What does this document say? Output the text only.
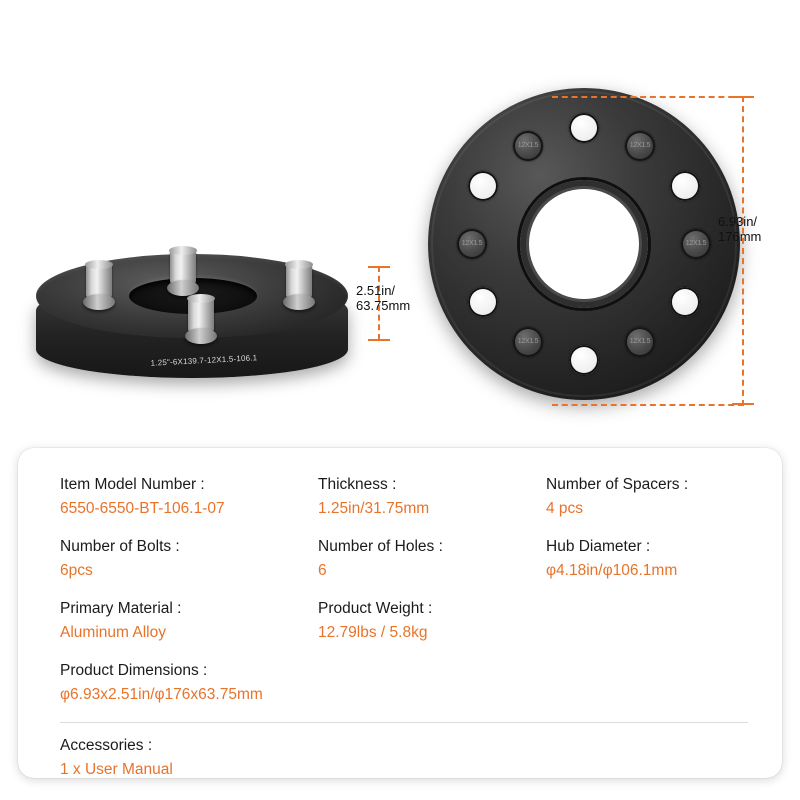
12X1.5	12X1.5
12X1.5
12X1.5
12X1.5
12X1.5
1.25"-6X139.7-12X1.5-106.1
2.51in/
63.75mm
6.93in/
176mm
Item Model Number :
6550-6550-BT-106.1-07
Thickness :
1.25in/31.75mm
Number of Spacers :
4 pcs
Number of Bolts :
6pcs
Number of Holes :
6
Hub Diameter :
φ4.18in/φ106.1mm
Primary Material :
Aluminum Alloy
Product Weight :
12.79lbs / 5.8kg
Product Dimensions :
φ6.93x2.51in/φ176x63.75mm
Accessories :
1 x User Manual
